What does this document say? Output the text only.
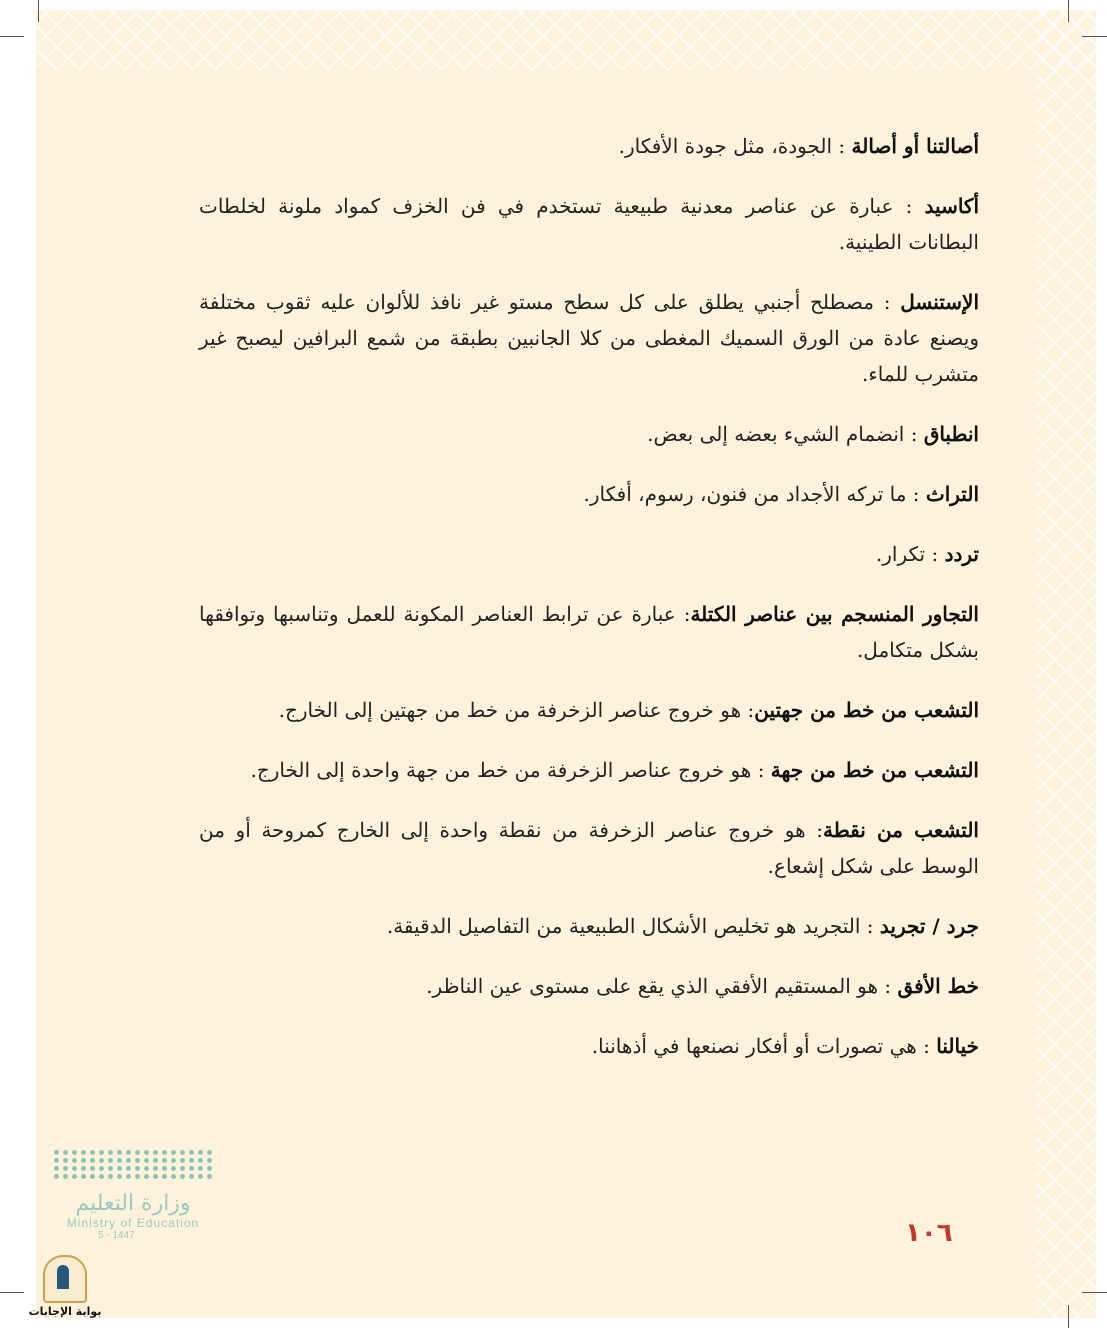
أصالتنا أو أصالة : الجودة، مثل جودة الأفكار.

أكاسيد : عبارة عن عناصر معدنية طبيعية تستخدم في فن الخزف كمواد ملونة لخلطات البطانات الطينية.

الإستنسل : مصطلح أجنبي يطلق على كل سطح مستو غير نافذ للألوان عليه ثقوب مختلفة ويصنع عادة من الورق السميك المغطى من كلا الجانبين بطبقة من شمع البرافين ليصبح غير متشرب للماء.

انطباق : انضمام الشيء بعضه إلى بعض.

التراث : ما تركه الأجداد من فنون، رسوم، أفكار.

تردد : تكرار.

التجاور المنسجم بين عناصر الكتلة: عبارة عن ترابط العناصر المكونة للعمل وتناسبها وتوافقها بشكل متكامل.

التشعب من خط من جهتين: هو خروج عناصر الزخرفة من خط من جهتين إلى الخارج.

التشعب من خط من جهة : هو خروج عناصر الزخرفة من خط من جهة واحدة إلى الخارج.

التشعب من نقطة: هو خروج عناصر الزخرفة من نقطة واحدة إلى الخارج كمروحة أو من الوسط على شكل إشعاع.

جرد / تجريد : التجريد هو تخليص الأشكال الطبيعية من التفاصيل الدقيقة.

خط الأفق : هو المستقيم الأفقي الذي يقع على مستوى عين الناظر.

خيالنا : هي تصورات أو أفكار نصنعها في أذهاننا.

١٠٦
وزارة التعليم
Ministry of Education
5 - 1447
بوابة الإجابات
